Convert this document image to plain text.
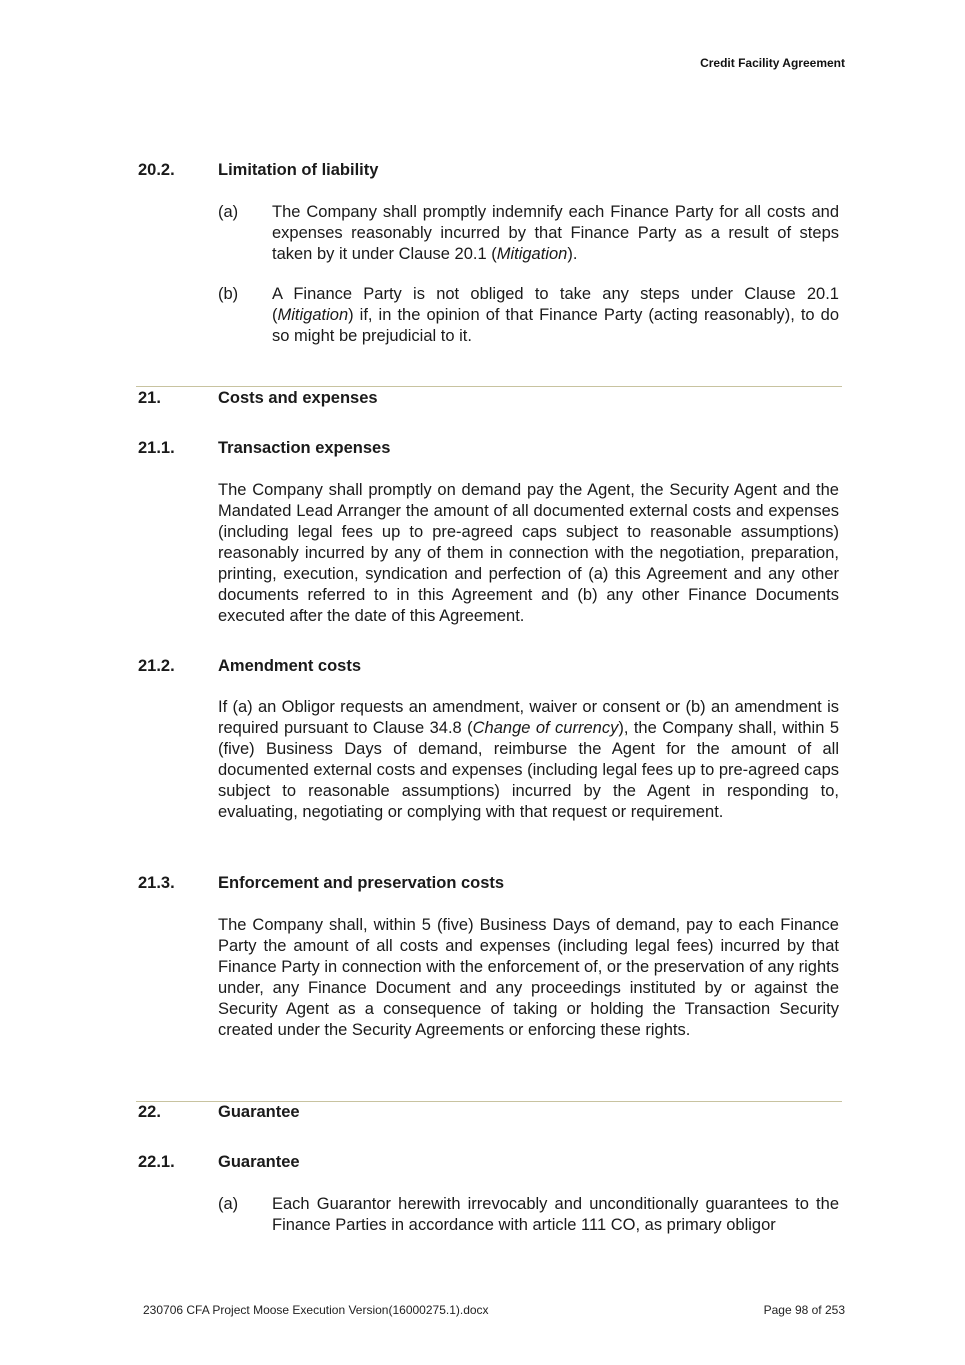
Credit Facility Agreement
20.2.	Limitation of liability
(a) The Company shall promptly indemnify each Finance Party for all costs and expenses reasonably incurred by that Finance Party as a result of steps taken by it under Clause 20.1 (Mitigation).
(b) A Finance Party is not obliged to take any steps under Clause 20.1 (Mitigation) if, in the opinion of that Finance Party (acting reasonably), to do so might be prejudicial to it.
21.	Costs and expenses
21.1.	Transaction expenses
The Company shall promptly on demand pay the Agent, the Security Agent and the Mandated Lead Arranger the amount of all documented external costs and expenses (including legal fees up to pre-agreed caps subject to reasonable assumptions) reasonably incurred by any of them in connection with the negotiation, preparation, printing, execution, syndication and perfection of (a) this Agreement and any other documents referred to in this Agreement and (b) any other Finance Documents executed after the date of this Agreement.
21.2.	Amendment costs
If (a) an Obligor requests an amendment, waiver or consent or (b) an amendment is required pursuant to Clause 34.8 (Change of currency), the Company shall, within 5 (five) Business Days of demand, reimburse the Agent for the amount of all documented external costs and expenses (including legal fees up to pre-agreed caps subject to reasonable assumptions) incurred by the Agent in responding to, evaluating, negotiating or complying with that request or requirement.
21.3.	Enforcement and preservation costs
The Company shall, within 5 (five) Business Days of demand, pay to each Finance Party the amount of all costs and expenses (including legal fees) incurred by that Finance Party in connection with the enforcement of, or the preservation of any rights under, any Finance Document and any proceedings instituted by or against the Security Agent as a consequence of taking or holding the Transaction Security created under the Security Agreements or enforcing these rights.
22.	Guarantee
22.1.	Guarantee
(a) Each Guarantor herewith irrevocably and unconditionally guarantees to the Finance Parties in accordance with article 111 CO, as primary obligor
230706 CFA Project Moose Execution Version(16000275.1).docx	Page 98 of 253
